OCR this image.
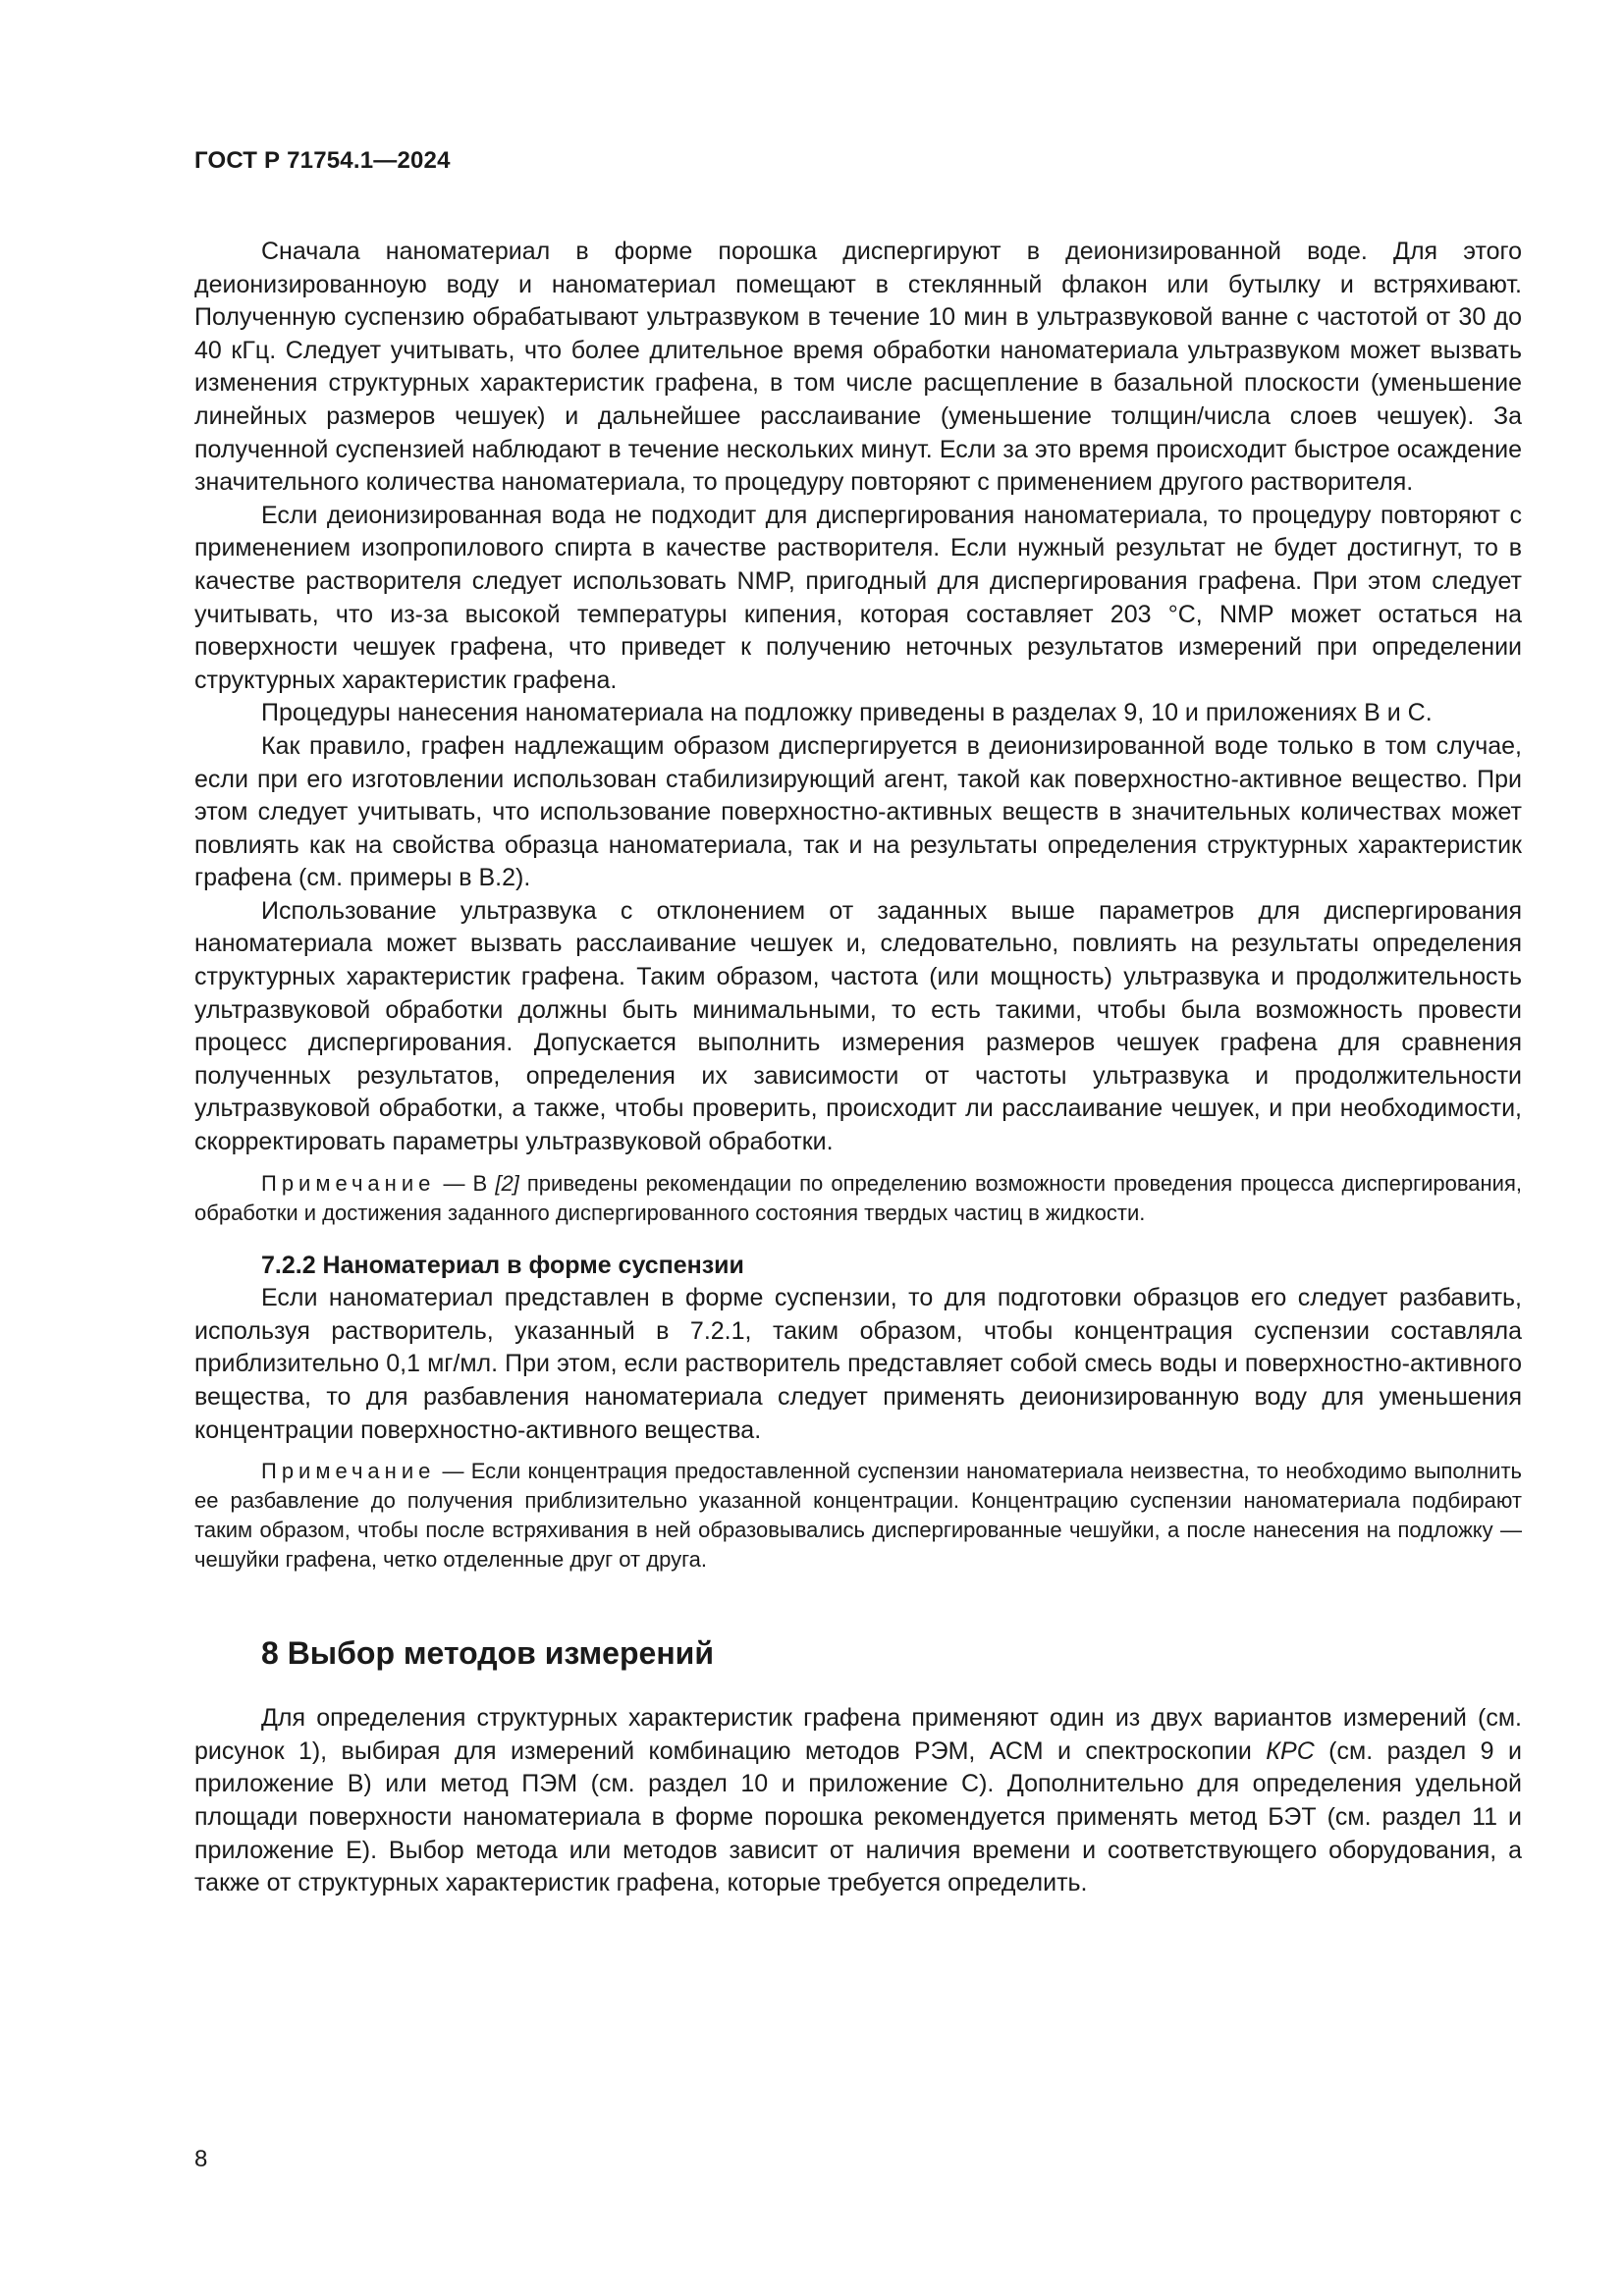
ГОСТ Р 71754.1—2024

Сначала наноматериал в форме порошка диспергируют в деионизированной воде. Для этого деионизированноую воду и наноматериал помещают в стеклянный флакон или бутылку и встряхивают. Полученную суспензию обрабатывают ультразвуком в течение 10 мин в ультразвуковой ванне с частотой от 30 до 40 кГц. Следует учитывать, что более длительное время обработки наноматериала ультразвуком может вызвать изменения структурных характеристик графена, в том числе расщепление в базальной плоскости (уменьшение линейных размеров чешуек) и дальнейшее расслаивание (уменьшение толщин/числа слоев чешуек). За полученной суспензией наблюдают в течение нескольких минут. Если за это время происходит быстрое осаждение значительного количества наноматериала, то процедуру повторяют с применением другого растворителя.

Если деионизированная вода не подходит для диспергирования наноматериала, то процедуру повторяют с применением изопропилового спирта в качестве растворителя. Если нужный результат не будет достигнут, то в качестве растворителя следует использовать NMP, пригодный для диспергирования графена. При этом следует учитывать, что из-за высокой температуры кипения, которая составляет 203 °С, NMP может остаться на поверхности чешуек графена, что приведет к получению неточных результатов измерений при определении структурных характеристик графена.

Процедуры нанесения наноматериала на подложку приведены в разделах 9, 10 и приложениях В и С.

Как правило, графен надлежащим образом диспергируется в деионизированной воде только в том случае, если при его изготовлении использован стабилизирующий агент, такой как поверхностно-активное вещество. При этом следует учитывать, что использование поверхностно-активных веществ в значительных количествах может повлиять как на свойства образца наноматериала, так и на результаты определения структурных характеристик графена (см. примеры в В.2).

Использование ультразвука с отклонением от заданных выше параметров для диспергирования наноматериала может вызвать расслаивание чешуек и, следовательно, повлиять на результаты определения структурных характеристик графена. Таким образом, частота (или мощность) ультразвука и продолжительность ультразвуковой обработки должны быть минимальными, то есть такими, чтобы была возможность провести процесс диспергирования. Допускается выполнить измерения размеров чешуек графена для сравнения полученных результатов, определения их зависимости от частоты ультразвука и продолжительности ультразвуковой обработки, а также, чтобы проверить, происходит ли расслаивание чешуек, и при необходимости, скорректировать параметры ультразвуковой обработки.

Примечание — В [2] приведены рекомендации по определению возможности проведения процесса диспергирования, обработки и достижения заданного диспергированного состояния твердых частиц в жидкости.

7.2.2 Наноматериал в форме суспензии

Если наноматериал представлен в форме суспензии, то для подготовки образцов его следует разбавить, используя растворитель, указанный в 7.2.1, таким образом, чтобы концентрация суспензии составляла приблизительно 0,1 мг/мл. При этом, если растворитель представляет собой смесь воды и поверхностно-активного вещества, то для разбавления наноматериала следует применять деионизированную воду для уменьшения концентрации поверхностно-активного вещества.

Примечание — Если концентрация предоставленной суспензии наноматериала неизвестна, то необходимо выполнить ее разбавление до получения приблизительно указанной концентрации. Концентрацию суспензии наноматериала подбирают таким образом, чтобы после встряхивания в ней образовывались диспергированные чешуйки, а после нанесения на подложку — чешуйки графена, четко отделенные друг от друга.

8 Выбор методов измерений

Для определения структурных характеристик графена применяют один из двух вариантов измерений (см. рисунок 1), выбирая для измерений комбинацию методов РЭМ, АСМ и спектроскопии КРС (см. раздел 9 и приложение В) или метод ПЭМ (см. раздел 10 и приложение С). Дополнительно для определения удельной площади поверхности наноматериала в форме порошка рекомендуется применять метод БЭТ (см. раздел 11 и приложение Е). Выбор метода или методов зависит от наличия времени и соответствующего оборудования, а также от структурных характеристик графена, которые требуется определить.

8
